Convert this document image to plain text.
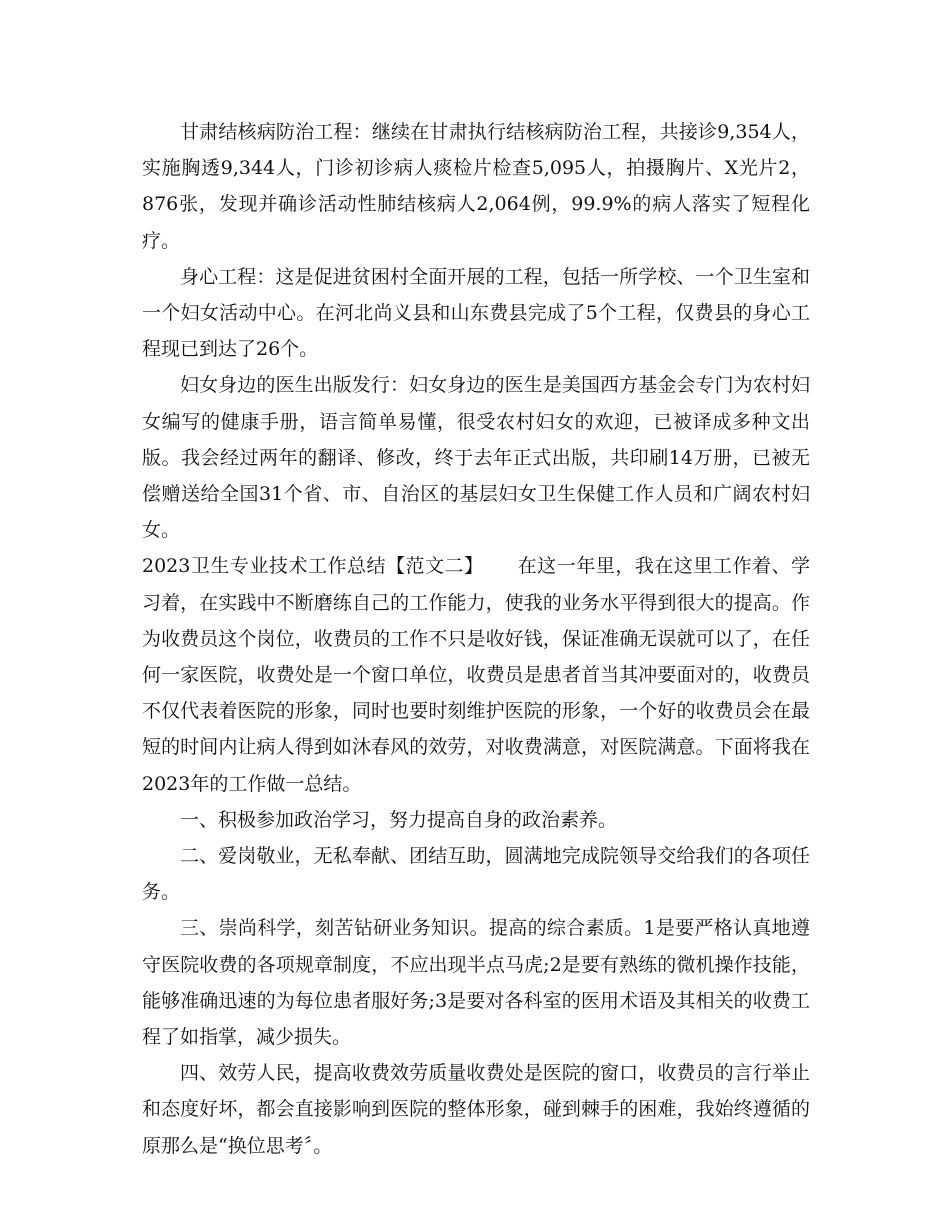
甘肃结核病防治工程：继续在甘肃执行结核病防治工程，共接诊9,354人，实施胸透9,344人，门诊初诊病人痰检片检查5,095人，拍摄胸片、X光片2，876张，发现并确诊活动性肺结核病人2,064例，99.9%的病人落实了短程化疗。

身心工程：这是促进贫困村全面开展的工程，包括一所学校、一个卫生室和一个妇女活动中心。在河北尚义县和山东费县完成了5个工程，仅费县的身心工程现已到达了26个。

妇女身边的医生出版发行：妇女身边的医生是美国西方基金会专门为农村妇女编写的健康手册，语言简单易懂，很受农村妇女的欢迎，已被译成多种文出版。我会经过两年的翻译、修改，终于去年正式出版，共印刷14万册，已被无偿赠送给全国31个省、市、自治区的基层妇女卫生保健工作人员和广阔农村妇女。

2023卫生专业技术工作总结【范文二】 在这一年里，我在这里工作着、学习着，在实践中不断磨练自己的工作能力，使我的业务水平得到很大的提高。作为收费员这个岗位，收费员的工作不只是收好钱，保证准确无误就可以了，在任何一家医院，收费处是一个窗口单位，收费员是患者首当其冲要面对的，收费员不仅代表着医院的形象，同时也要时刻维护医院的形象，一个好的收费员会在最短的时间内让病人得到如沐春风的效劳，对收费满意，对医院满意。下面将我在2023年的工作做一总结。

一、积极参加政治学习，努力提高自身的政治素养。

二、爱岗敬业，无私奉献、团结互助，圆满地完成院领导交给我们的各项任务。

三、崇尚科学，刻苦钻研业务知识。提高的综合素质。1是要严格认真地遵守医院收费的各项规章制度，不应出现半点马虎;2是要有熟练的微机操作技能，能够准确迅速的为每位患者服好务;3是要对各科室的医用术语及其相关的收费工程了如指掌，减少损失。

四、效劳人民，提高收费效劳质量收费处是医院的窗口，收费员的言行举止和态度好坏，都会直接影响到医院的整体形象，碰到棘手的困难，我始终遵循的原那么是“换位思考〞。
